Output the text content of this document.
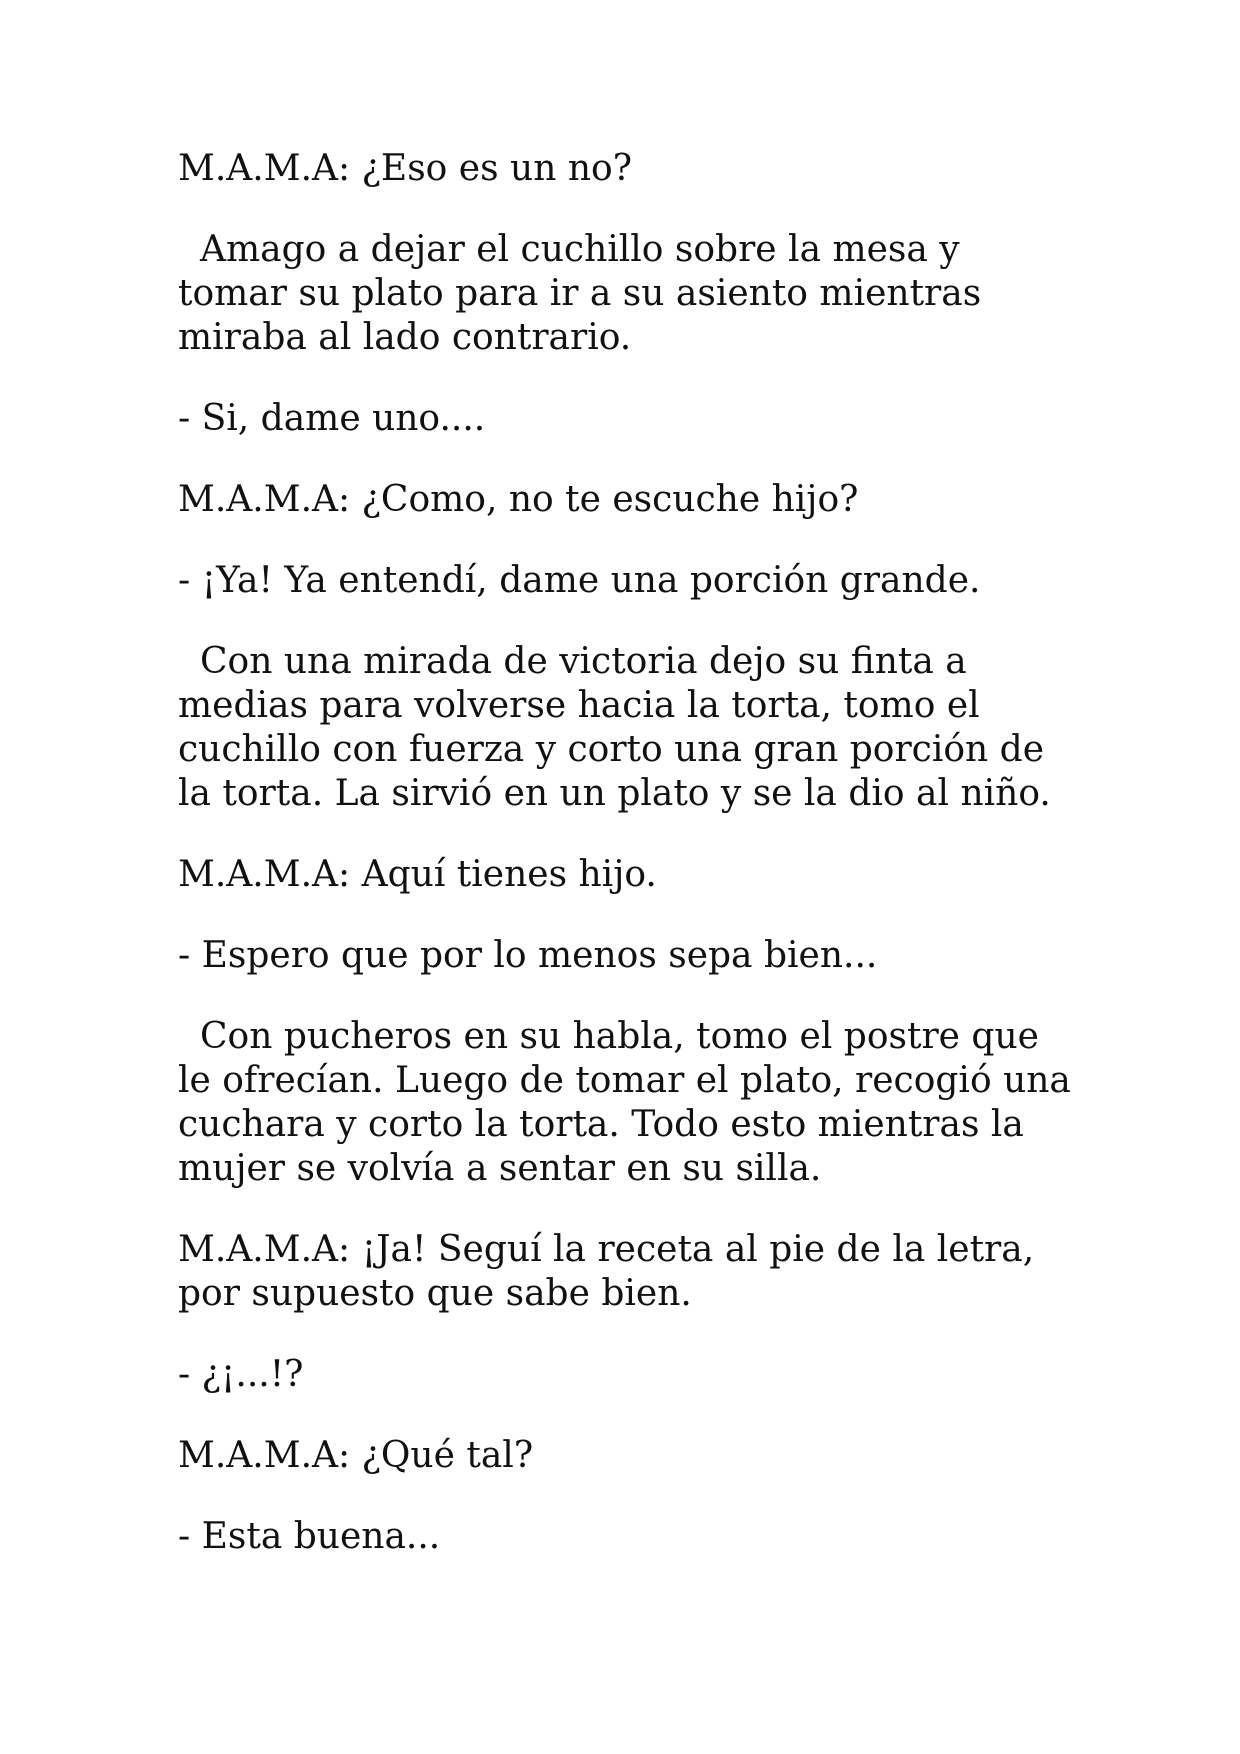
M.A.M.A: ¿Eso es un no?

Amago a dejar el cuchillo sobre la mesa y tomar su plato para ir a su asiento mientras miraba al lado contrario.

- Si, dame uno....

M.A.M.A: ¿Como, no te escuche hijo?

- ¡Ya! Ya entendí, dame una porción grande.

Con una mirada de victoria dejo su finta a medias para volverse hacia la torta, tomo el cuchillo con fuerza y corto una gran porción de la torta. La sirvió en un plato y se la dio al niño.

M.A.M.A: Aquí tienes hijo.

- Espero que por lo menos sepa bien...

Con pucheros en su habla, tomo el postre que le ofrecían. Luego de tomar el plato, recogió una cuchara y corto la torta. Todo esto mientras la mujer se volvía a sentar en su silla.

M.A.M.A: ¡Ja! Seguí la receta al pie de la letra, por supuesto que sabe bien.

- ¿¡...!?

M.A.M.A: ¿Qué tal?

- Esta buena...
